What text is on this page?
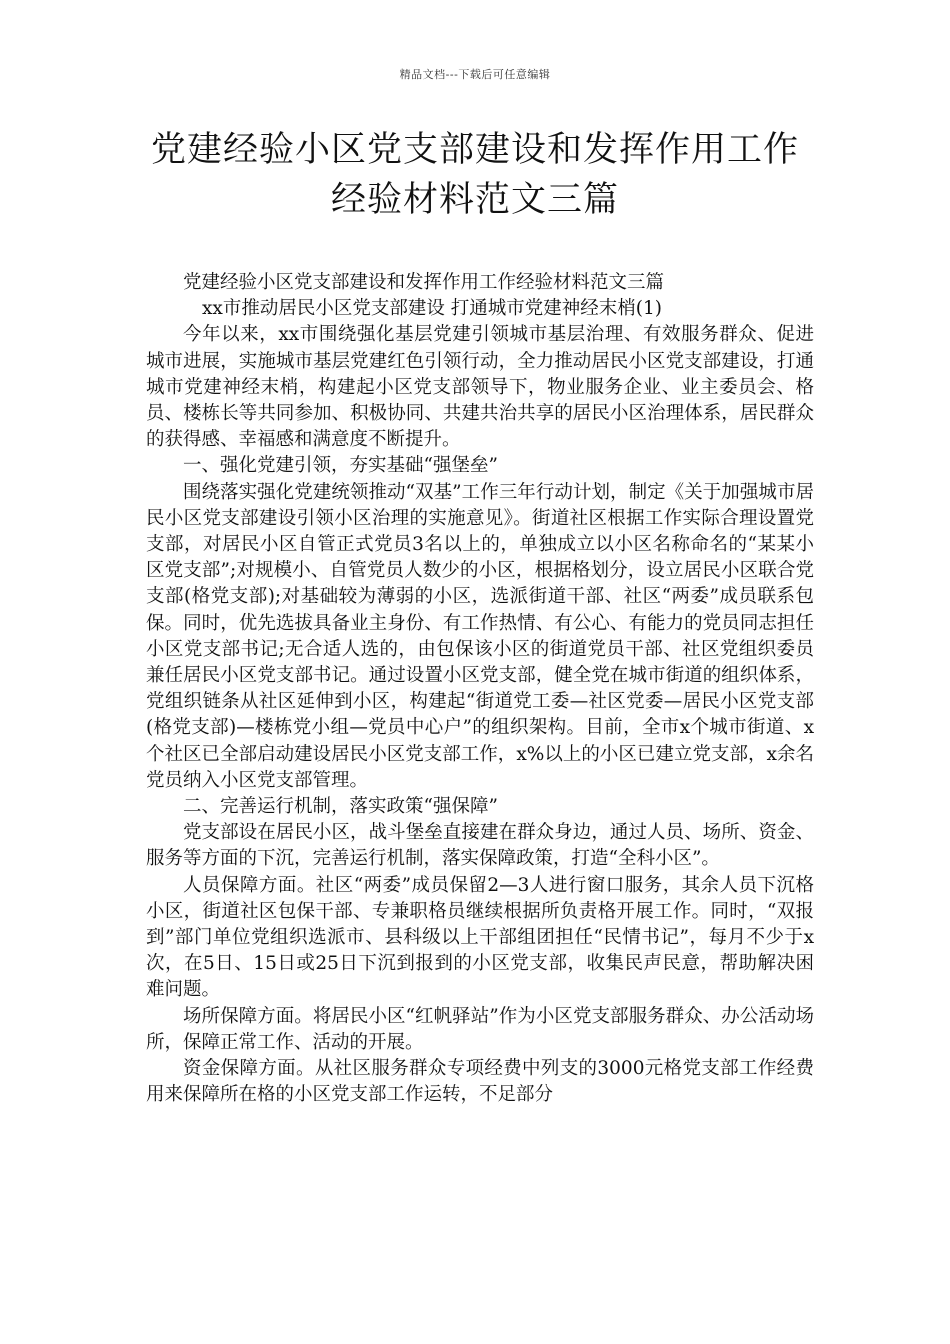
精品文档---下载后可任意编辑
党建经验小区党支部建设和发挥作用工作
经验材料范文三篇

党建经验小区党支部建设和发挥作用工作经验材料范文三篇

xx市推动居民小区党支部建设 打通城市党建神经末梢(1)

今年以来，xx市围绕强化基层党建引领城市基层治理、有效服务群众、促进城市进展，实施城市基层党建红色引领行动，全力推动居民小区党支部建设，打通城市党建神经末梢，构建起小区党支部领导下，物业服务企业、业主委员会、格员、楼栋长等共同参加、积极协同、共建共治共享的居民小区治理体系，居民群众的获得感、幸福感和满意度不断提升。

一、强化党建引领，夯实基础“强堡垒”

围绕落实强化党建统领推动“双基”工作三年行动计划，制定《关于加强城市居民小区党支部建设引领小区治理的实施意见》。街道社区根据工作实际合理设置党支部，对居民小区自管正式党员3名以上的，单独成立以小区名称命名的“某某小区党支部”;对规模小、自管党员人数少的小区，根据格划分，设立居民小区联合党支部(格党支部);对基础较为薄弱的小区，选派街道干部、社区“两委”成员联系包保。同时，优先选拔具备业主身份、有工作热情、有公心、有能力的党员同志担任小区党支部书记;无合适人选的，由包保该小区的街道党员干部、社区党组织委员兼任居民小区党支部书记。通过设置小区党支部，健全党在城市街道的组织体系，党组织链条从社区延伸到小区，构建起“街道党工委—社区党委—居民小区党支部(格党支部)—楼栋党小组—党员中心户”的组织架构。目前，全市x个城市街道、x个社区已全部启动建设居民小区党支部工作，x%以上的小区已建立党支部，x余名党员纳入小区党支部管理。

二、完善运行机制，落实政策“强保障”

党支部设在居民小区，战斗堡垒直接建在群众身边，通过人员、场所、资金、服务等方面的下沉，完善运行机制，落实保障政策，打造“全科小区”。

人员保障方面。社区“两委”成员保留2—3人进行窗口服务，其余人员下沉格小区，街道社区包保干部、专兼职格员继续根据所负责格开展工作。同时，“双报到”部门单位党组织选派市、县科级以上干部组团担任“民情书记”，每月不少于x次，在5日、15日或25日下沉到报到的小区党支部，收集民声民意，帮助解决困难问题。

场所保障方面。将居民小区“红帆驿站”作为小区党支部服务群众、办公活动场所，保障正常工作、活动的开展。

资金保障方面。从社区服务群众专项经费中列支的3000元格党支部工作经费用来保障所在格的小区党支部工作运转，不足部分
